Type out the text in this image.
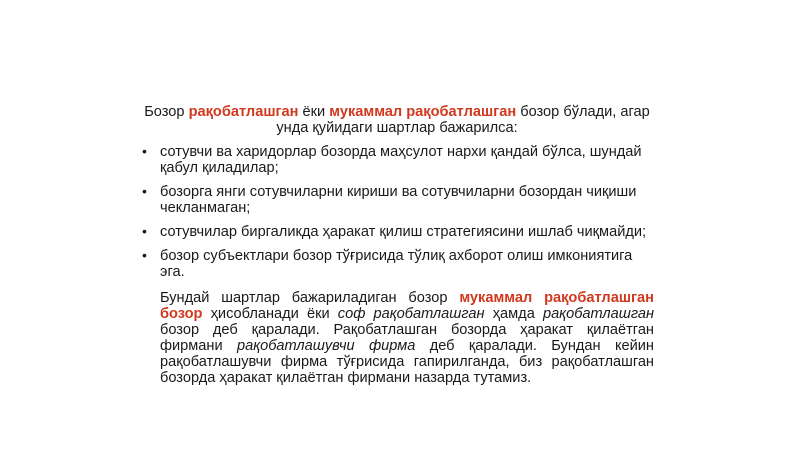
Бозор рақобатлашган ёки мукаммал рақобатлашган бозор бўлади, агар унда қуйидаги шартлар бажарилса:

• сотувчи ва харидорлар бозорда маҳсулот нархи қандай бўлса, шундай қабул қиладилар;
• бозорга янги сотувчиларни кириши ва сотувчиларни бозордан чиқиши чекланмаган;
• сотувчилар биргаликда ҳаракат қилиш стратегиясини ишлаб чиқмайди;
• бозор субъектлари бозор тўғрисида тўлиқ ахборот олиш имкониятига эга.

Бундай шартлар бажариладиган бозор мукаммал рақобатлашган бозор ҳисобланади ёки соф рақобатлашган ҳамда рақобатлашган бозор деб қаралади. Рақобатлашган бозорда ҳаракат қилаётган фирмани рақобатлашувчи фирма деб қаралади. Бундан кейин рақобатлашувчи фирма тўғрисида гапирилганда, биз рақобатлашган бозорда ҳаракат қилаётган фирмани назарда тутамиз.
